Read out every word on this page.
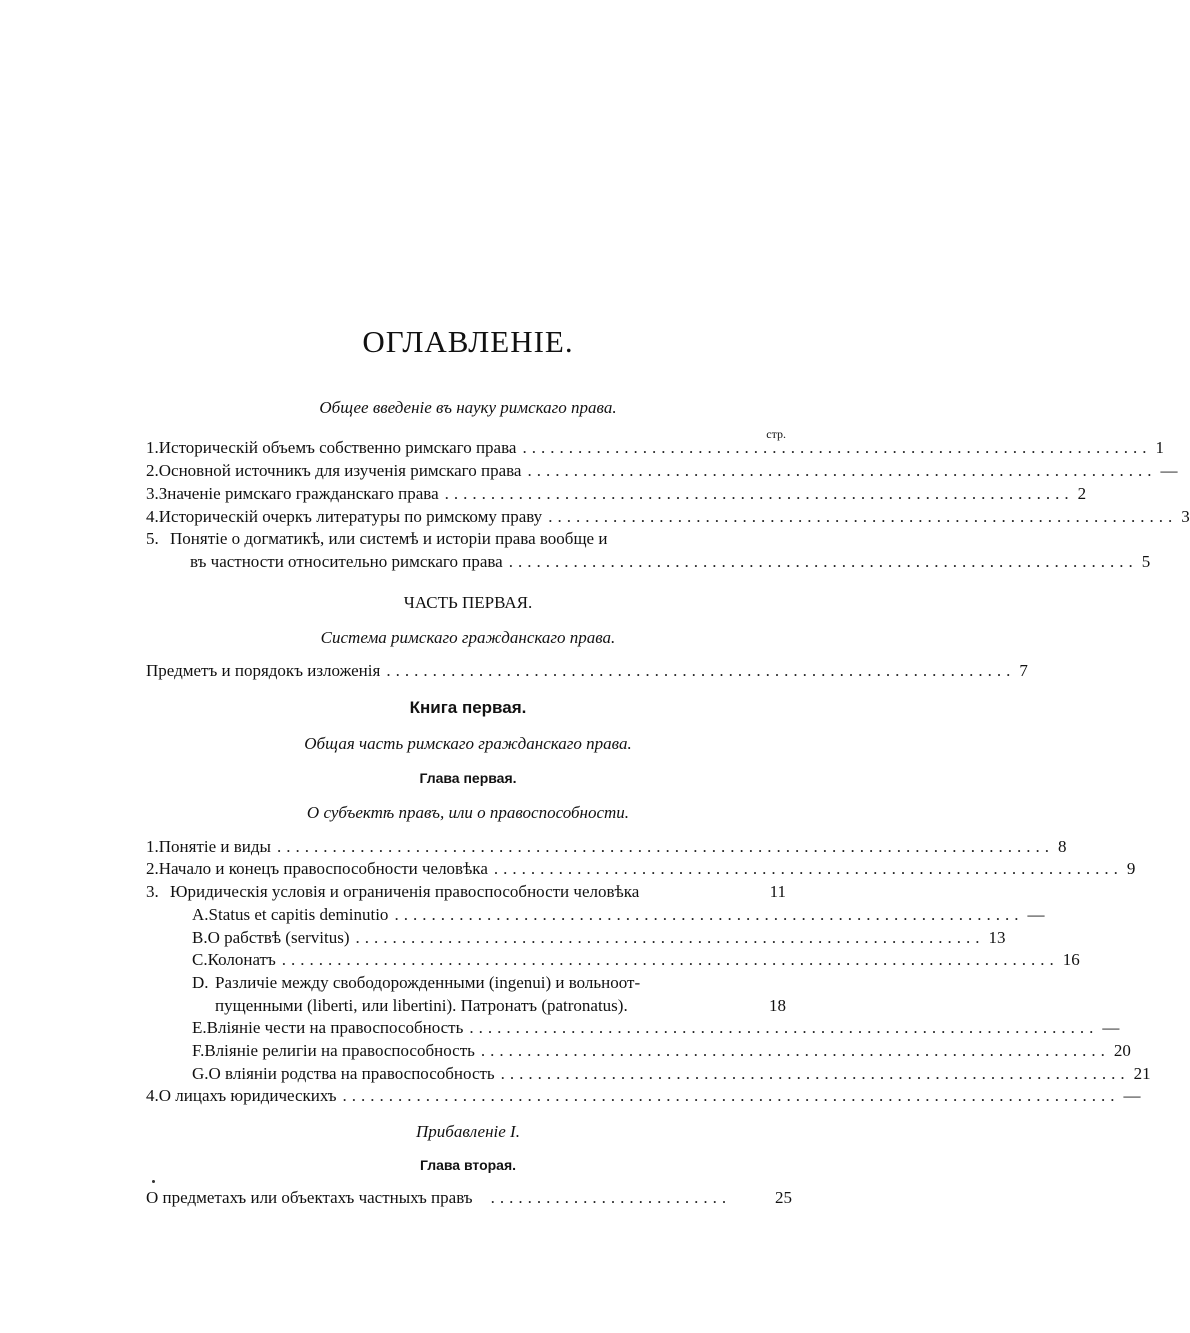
ОГЛАВЛЕНІЕ.
Общее введеніе въ науку римскаго права.
стр.
1. Историческій объемъ собственно римскаго права .................................................................... 1
2. Основной источникъ для изученія римскаго права .................................................................... —
3. Значеніе римскаго гражданскаго права .................................................................... 2
4. Историческій очеркъ литературы по римскому праву .................................................................... 3
5. Понятіе о догматикѣ, или системѣ и исторіи права вообще и
въ частности относительно римскаго права .................................................................... 5
ЧАСТЬ ПЕРВАЯ.
Система римскаго гражданскаго права.
Предметъ и порядокъ изложенія .................................................................... 7
Книга первая.
Общая часть римскаго гражданскаго права.
Глава первая.
О субъектѣ правъ, или о правоспособности.
1. Понятіе и виды .................................................................................... 8
2. Начало и конецъ правоспособности человѣка .................................................................... 9
3. Юридическія условія и ограниченія правоспособности человѣка	11
A. Status et capitis deminutio .................................................................... —
B. О рабствѣ (servitus) .................................................................... 13
C. Колонатъ .................................................................................... 16
D. Различіе между свободорожденными (ingenui) и вольноот-
пущенными (liberti, или libertini). Патронатъ (patronatus).	18
E. Вліяніе чести на правоспособность .................................................................... —
F. Вліяніе религіи на правоспособность .................................................................... 20
G. О вліяніи родства на правоспособность .................................................................... 21
4. О лицахъ юридическихъ .................................................................................... —
Прибавленіе I.
Глава вторая.
О предметахъ или объектахъ частныхъ правъ ..........................	25
